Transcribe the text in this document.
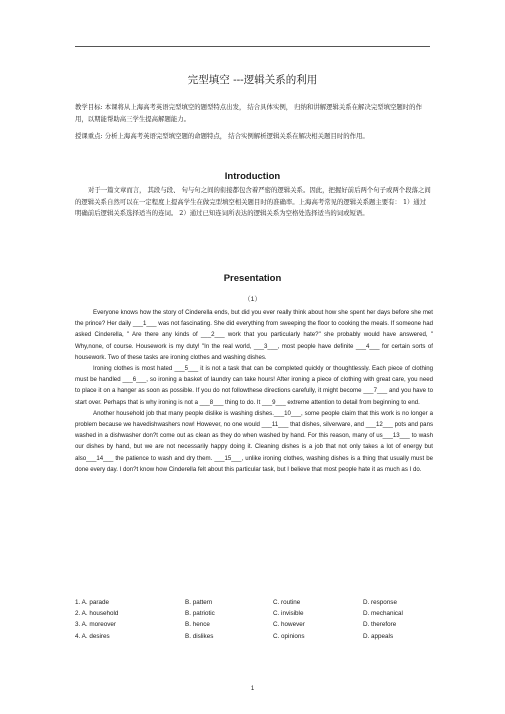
完型填空 ---逻辑关系的利用
教学目标: 本课将从上海高考英语完型填空的题型特点出发， 结合具体实例， 归纳和讲解逻辑关系在解决完型填空题时的作用，以期能帮助高三学生提高解题能力。
授课重点: 分析上海高考英语完型填空题的命题特点， 结合实例解析逻辑关系在解决相关题目时的作用。
Introduction
对于一篇文章而言， 其段与段、 句与句之间的衔接都包含着严密的逻辑关系。因此，把握好前后两个句子或两个段落之间的逻辑关系自然可以在一定程度上提高学生在做完型填空相关题目时的准确率。上海高考常见的逻辑关系题主要有： 1）通过明确前后逻辑关系选择适当的连词。 2）通过已知连词所表达的逻辑关系为空格处选择适当的词或短语。
Presentation
（1）

Everyone knows how the story of Cinderella ends, but did you ever really think about how she spent her days before she met the prince? Her daily ___1___ was not fascinating. She did everything from sweeping the floor to cooking the meals. If someone had asked Cinderella, " Are there any kinds of ___2___ work that you particularly hate?" she probably would have answered, " Why,none, of course. Housework is my duty! "In the real world, ___3___, most people have definite ___4___ for certain sorts of housework. Two of these tasks are ironing clothes and washing dishes.

Ironing clothes is most hated ___5___ it is not a task that can be completed quickly or thoughtlessly. Each piece of clothing must be handled ___6___, so ironing a basket of laundry can take hours! After ironing a piece of clothing with great care, you need to place it on a hanger as soon as possible. If you do not followthese directions carefully, it might become ___7___ and you have to start over. Perhaps that is why ironing is not a ___8___ thing to do. It ___9___ extreme attention to detail from beginning to end.

Another household job that many people dislike is washing dishes.___10___, some people claim that this work is no longer a problem because we havedishwashers now! However, no one would ___11___ that dishes, silverware, and ___12___ pots and pans washed in a dishwasher don?t come out as clean as they do when washed by hand. For this reason, many of us___13___ to wash our dishes by hand, but we are not necessarily happy doing it. Cleaning dishes is a job that not only takes a lot of energy but also___14___ the patience to wash and dry them. ___15___, unlike ironing clothes, washing dishes is a thing that usually must be done every day. I don?t know how Cinderella felt about this particular task, but I believe that most people hate it as much as I do.

1. A. parade	B. pattern	C. routine	D. response
2. A. household	B. patriotic	C. invisible	D. mechanical
3. A. moreover	B. hence	C. however	D. therefore
4. A. desires	B. dislikes	C. opinions	D. appeals
1
